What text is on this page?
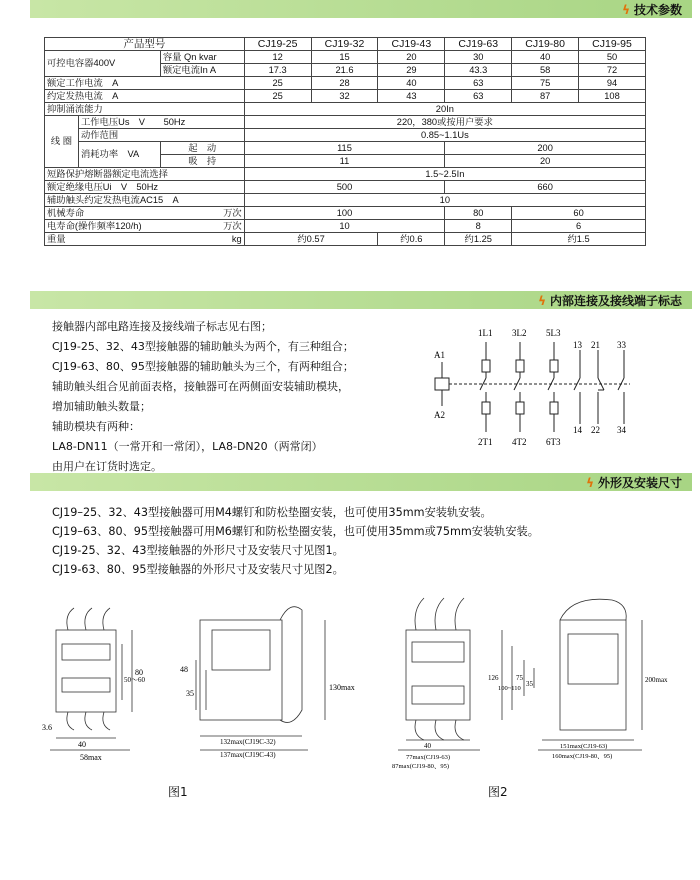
ϟ 技术参数
产品型号			CJ19-25	CJ19-32	CJ19-43	CJ19-63	CJ19-80	CJ19-95
可控电容器400V		容量 Qn kvar	12	15	20	30	40	50
		额定电流In A	17.3	21.6	29	43.3	58	72
额定工作电流　A			25	28	40	63	75	94
约定发热电流　A			25	32	43	63	87	108
抑制涌流能力			20In					
线 圈	工作电压Us　V　　50Hz		220，380或按用户要求					
	动作范围		0.85~1.1Us					
	消耗功率　VA	起　动	115			200		
		吸　持	11			20		
短路保护熔断器额定电流选择			1.5~2.5In					
额定绝缘电压Ui　V　50Hz			500			660		
辅助触头约定发热电流AC15　A			10					
机械寿命 万次			100			80	60	
电寿命(操作频率120/h) 万次			10			8	6	
重量 kg			约0.57		约0.6	约1.25	约1.5	
ϟ 内部连接及接线端子标志
接触器内部电路连接及接线端子标志见右图；
CJ19-25、32、43型接触器的辅助触头为两个，有三种组合；
CJ19-63、80、95型接触器的辅助触头为三个，有两种组合；
辅助触头组合见前面表格，接触器可在两侧面安装辅助模块，
增加辅助触头数量；
辅助模块有两种：
LA8-DN11（一常开和一常闭），LA8-DN20（两常闭）
由用户在订货时选定。
A1
A2
1L1 3L2 5L3
13 21 33
2T1 4T2 6T3
14 22 34
ϟ 外形及安装尺寸
CJ19–25、32、43型接触器可用M4螺钉和防松垫圈安装，也可使用35mm安装轨安装。
CJ19–63、80、95型接触器可用M6螺钉和防松垫圈安装，也可使用35mm或75mm安装轨安装。
CJ19-25、32、43型接触器的外形尺寸及安装尺寸见图1。
CJ19-63、80、95型接触器的外形尺寸及安装尺寸见图2。
40
58max
3.6
50～60
80	48
35
132max(CJ19C-32)
137max(CJ19C-43)
130max
40
77max(CJ19-63)
87max(CJ19-80、95)
126
100~110
75
35	200max
151max(CJ19-63)
160max(CJ19-80、95)
图1	图2
